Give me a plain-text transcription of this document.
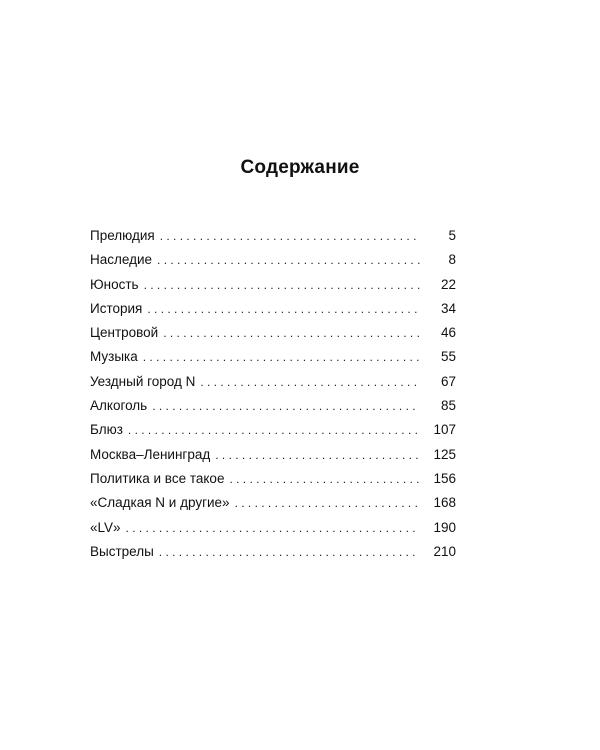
Содержание
Прелюдия . . .	5
Наследие . . .	8
Юность . . .	22
История . . .	34
Центровой . . .	46
Музыка . . .	55
Уездный город N . . .	67
Алкоголь . . .	85
Блюз . . .	107
Москва–Ленинград . . .	125
Политика и все такое . . .	156
«Сладкая N и другие» . . .	168
«LV» . . .	190
Выстрелы . . .	210
